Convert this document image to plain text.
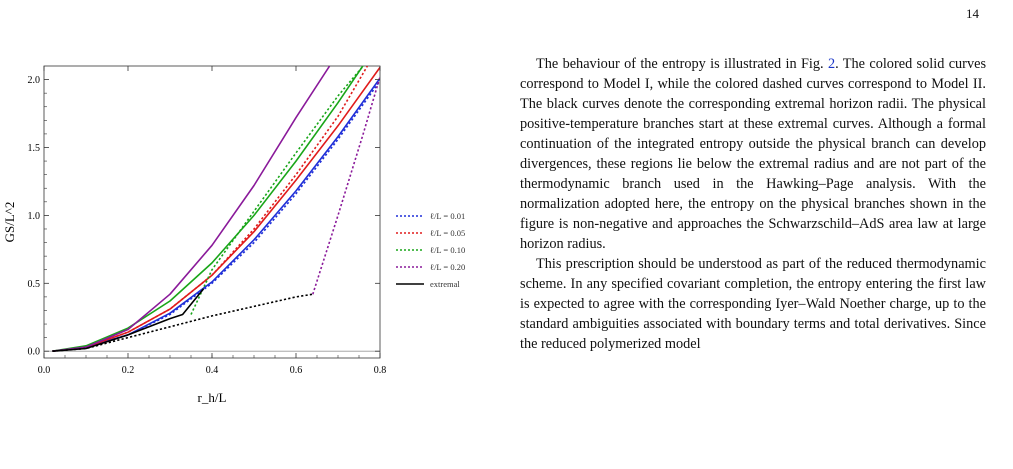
14
0.0	0.2	0.4	0.6	0.8
0.0
0.5
1.0
1.5
2.0
ℓ/L = 0.01
ℓ/L = 0.05
ℓ/L = 0.10
ℓ/L = 0.20
extremal
r_h/L
GS/L^2

The behaviour of the entropy is illustrated in Fig. 2. The colored solid curves correspond to Model I, while the colored dashed curves correspond to Model II. The black curves denote the corresponding extremal horizon radii. The physical positive-temperature branches start at these extremal curves. Although a formal continuation of the integrated entropy outside the physical branch can develop divergences, these regions lie below the extremal radius and are not part of the thermodynamic branch used in the Hawking–Page analysis. With the normalization adopted here, the entropy on the physical branches shown in the figure is non-negative and approaches the Schwarzschild–AdS area law at large horizon radius.

This prescription should be understood as part of the reduced thermodynamic scheme. In any specified covariant completion, the entropy entering the first law is expected to agree with the corresponding Iyer–Wald Noether charge, up to the standard ambiguities associated with boundary terms and total derivatives. Since the reduced polymerized model
